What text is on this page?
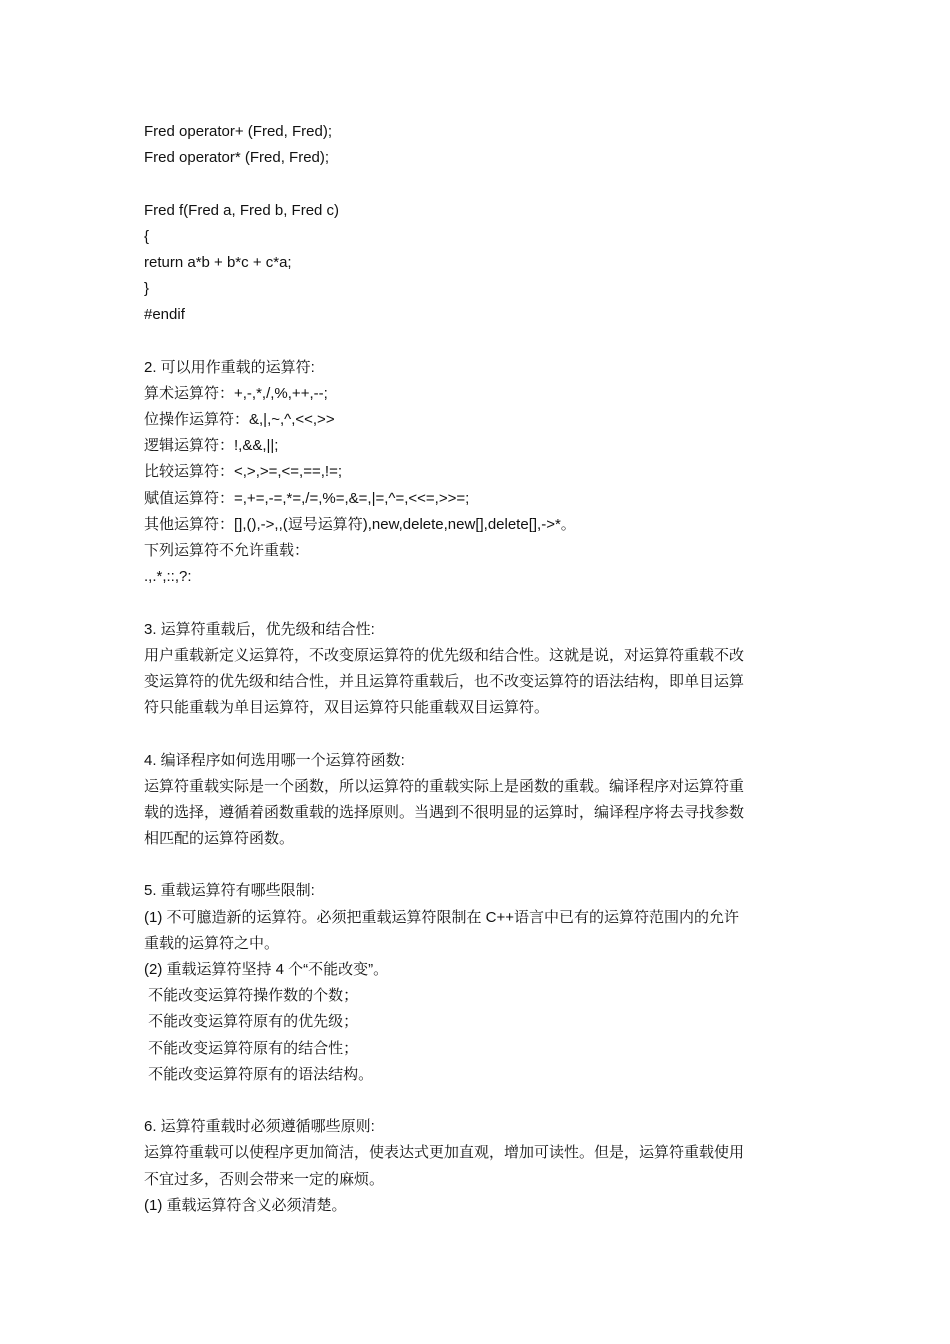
Fred operator+ (Fred, Fred);
Fred operator* (Fred, Fred);
Fred f(Fred a, Fred b, Fred c)
{
return a*b + b*c + c*a;
}
#endif
2. 可以用作重载的运算符:
算术运算符：+,-,*,/,%,++,--;
位操作运算符：&,|,~,^,<<,>>
逻辑运算符：!,&&,||;
比较运算符：<,>,>=,<=,==,!=;
赋值运算符：=,+=,-=,*=,/=,%=,&=,|=,^=,<<=,>>=;
其他运算符：[],(),->,,(逗号运算符),new,delete,new[],delete[],->*。
下列运算符不允许重载：
.,.*,::,?:
3. 运算符重载后，优先级和结合性:
用户重载新定义运算符，不改变原运算符的优先级和结合性。这就是说，对运算符重载不改
变运算符的优先级和结合性，并且运算符重载后，也不改变运算符的语法结构，即单目运算
符只能重载为单目运算符，双目运算符只能重载双目运算符。
4. 编译程序如何选用哪一个运算符函数:
运算符重载实际是一个函数，所以运算符的重载实际上是函数的重载。编译程序对运算符重
载的选择，遵循着函数重载的选择原则。当遇到不很明显的运算时，编译程序将去寻找参数
相匹配的运算符函数。
5. 重载运算符有哪些限制:
(1) 不可臆造新的运算符。必须把重载运算符限制在 C++语言中已有的运算符范围内的允许
重载的运算符之中。
(2) 重载运算符坚持 4 个“不能改变”。
不能改变运算符操作数的个数；
不能改变运算符原有的优先级；
不能改变运算符原有的结合性；
不能改变运算符原有的语法结构。
6. 运算符重载时必须遵循哪些原则:
运算符重载可以使程序更加简洁，使表达式更加直观，增加可读性。但是，运算符重载使用
不宜过多，否则会带来一定的麻烦。
(1) 重载运算符含义必须清楚。
